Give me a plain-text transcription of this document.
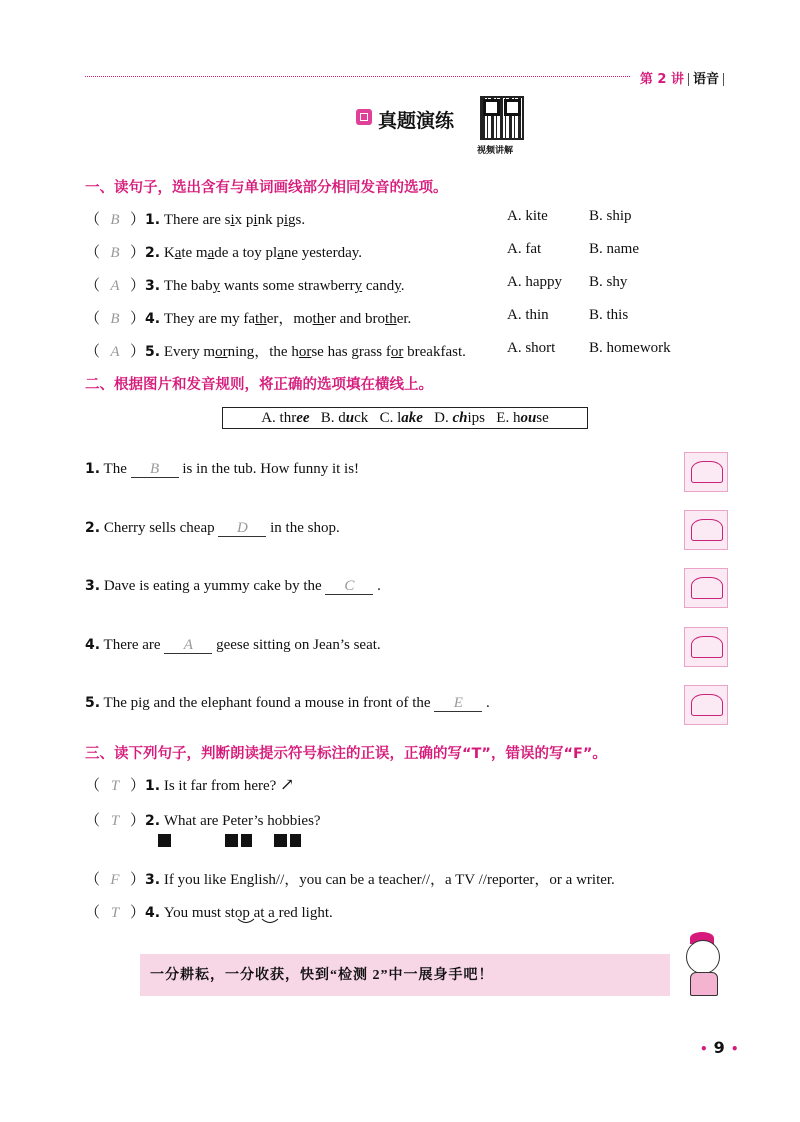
第 2 讲 语音
真题演练
视频讲解
一、读句子，选出含有与单词画线部分相同发音的选项。
（ B ）1. There are six pink pigs.	A. kite	B. ship
（ B ）2. Kate made a toy plane yesterday.	A. fat	B. name
（ A ）3. The baby wants some strawberry candy.	A. happy B. shy
（ B ）4. They are my father，mother and brother.	A. thin	B. this
（ A ）5. Every morning，the horse has grass for breakfast.	A. short B. homework
二、根据图片和发音规则，将正确的选项填在横线上。
A. three B. duck C. lake D. chips E. house
1. The B is in the tub. How funny it is!
2. Cherry sells cheap D in the shop.
3. Dave is eating a yummy cake by the C .
4. There are A geese sitting on Jean’s seat.
5. The pig and the elephant found a mouse in front of the E .
三、读下列句子，判断朗读提示符号标注的正误，正确的写“T”，错误的写“F”。
（ T ）1. Is it far from here? ↗
（ T ）2. What are Peter’s hobbies?

（ F ）3. If you like English//，you can be a teacher//，a TV //reporter，or a writer.
（ T ）4. You must stop at a red light.
一分耕耘，一分收获，快到“检测 2”中一展身手吧！
• 9 •
